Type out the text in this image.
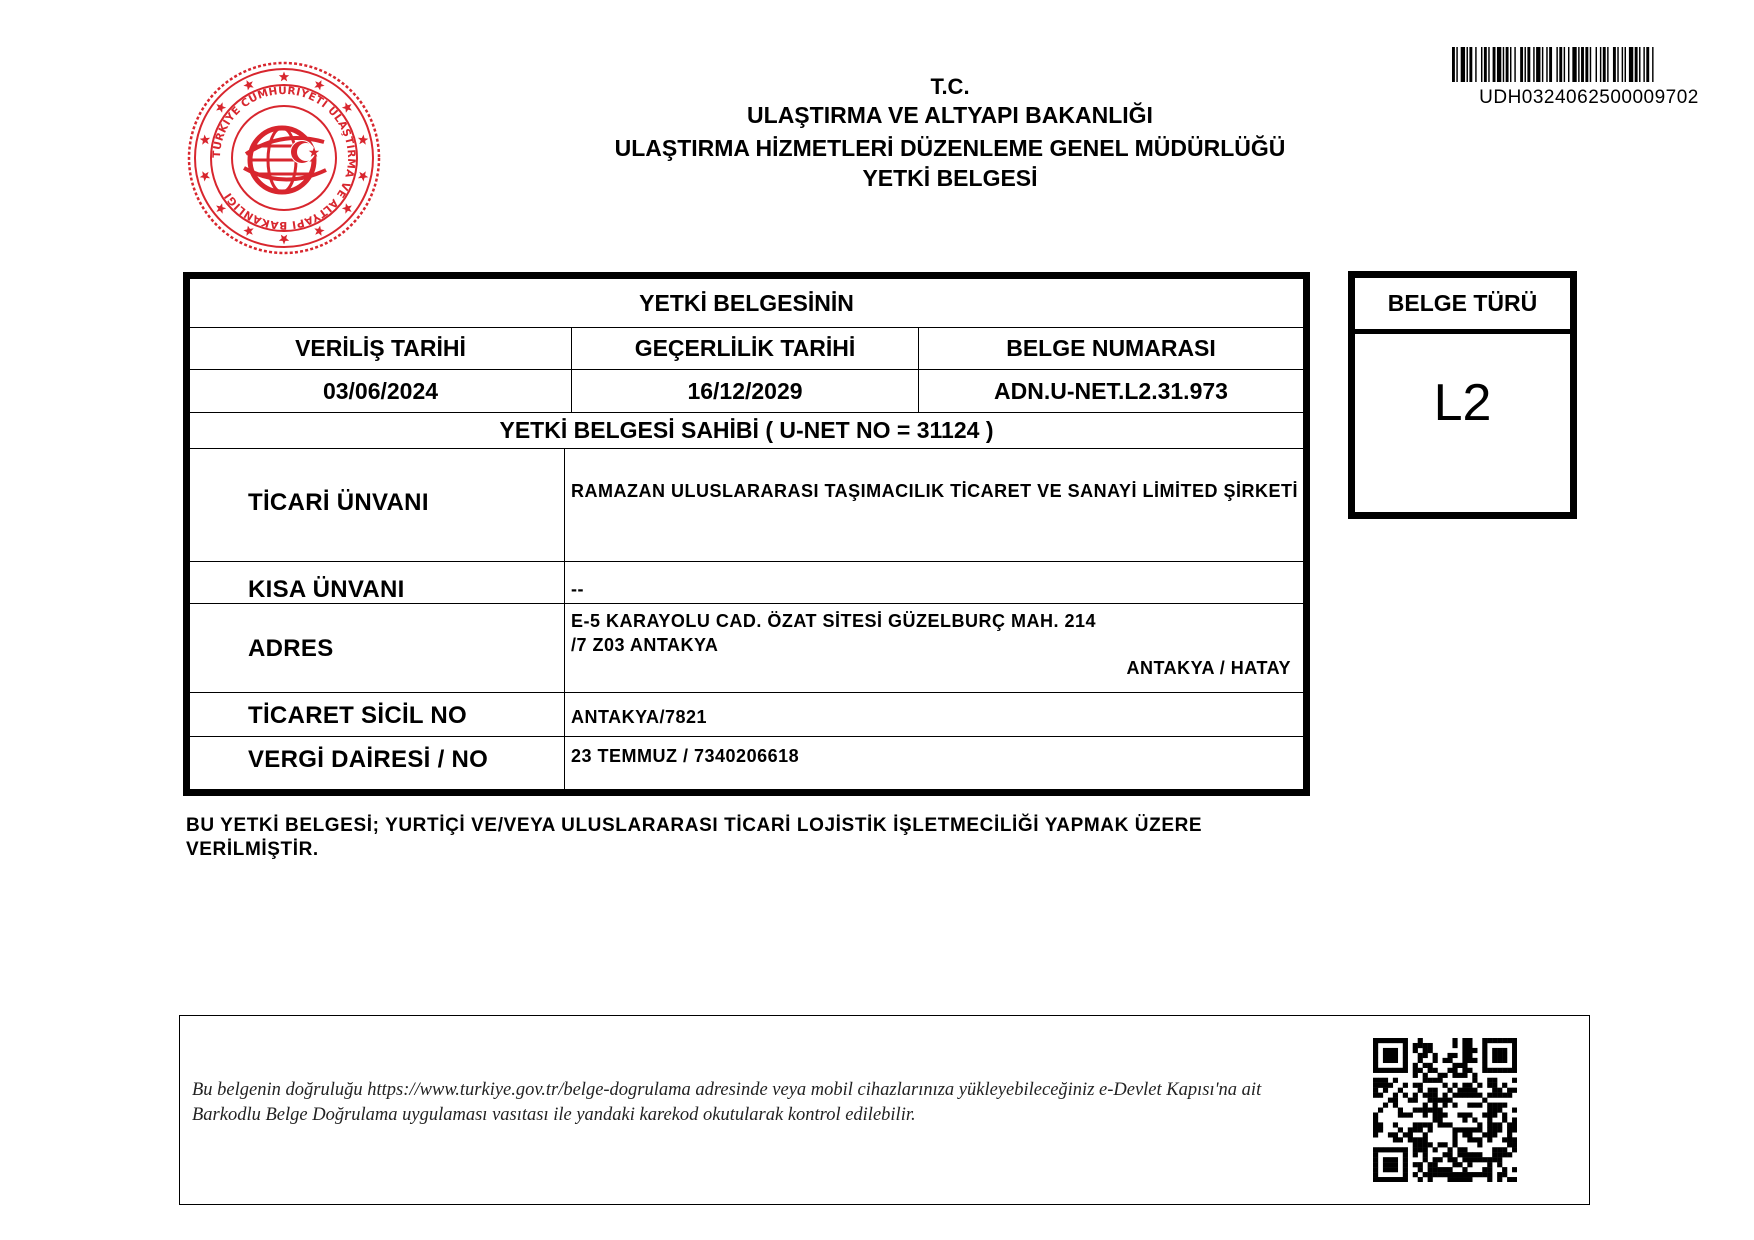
TÜRKİYE CUMHURİYETİ ULAŞTIRMA VE ALTYAPI BAKANLIĞI
T.C.
ULAŞTIRMA VE ALTYAPI BAKANLIĞI
ULAŞTIRMA HİZMETLERİ DÜZENLEME GENEL MÜDÜRLÜĞÜ
YETKİ BELGESİ
UDH0324062500009702
YETKİ BELGESİNİN
VERİLİŞ TARİHİ	GEÇERLİLİK TARİHİ	BELGE NUMARASI
03/06/2024	16/12/2029	ADN.U-NET.L2.31.973
YETKİ BELGESİ SAHİBİ ( U-NET NO = 31124 )
TİCARİ ÜNVANI	RAMAZAN ULUSLARARASI TAŞIMACILIK TİCARET VE SANAYİ LİMİTED ŞİRKETİ
KISA ÜNVANI	--
ADRES
E-5 KARAYOLU CAD. ÖZAT SİTESİ GÜZELBURÇ MAH. 214
/7 Z03 ANTAKYA
ANTAKYA / HATAY
TİCARET SİCİL NO	ANTAKYA/7821
VERGİ DAİRESİ / NO	23 TEMMUZ / 7340206618
BELGE TÜRÜ
L2
BU YETKİ BELGESİ; YURTİÇİ VE/VEYA ULUSLARARASI TİCARİ LOJİSTİK İŞLETMECİLİĞİ YAPMAK ÜZERE VERİLMİŞTİR.
Bu belgenin doğruluğu https://www.turkiye.gov.tr/belge-dogrulama adresinde veya mobil cihazlarınıza yükleyebileceğiniz e-Devlet Kapısı'na ait Barkodlu Belge Doğrulama uygulaması vasıtası ile yandaki karekod okutularak kontrol edilebilir.
